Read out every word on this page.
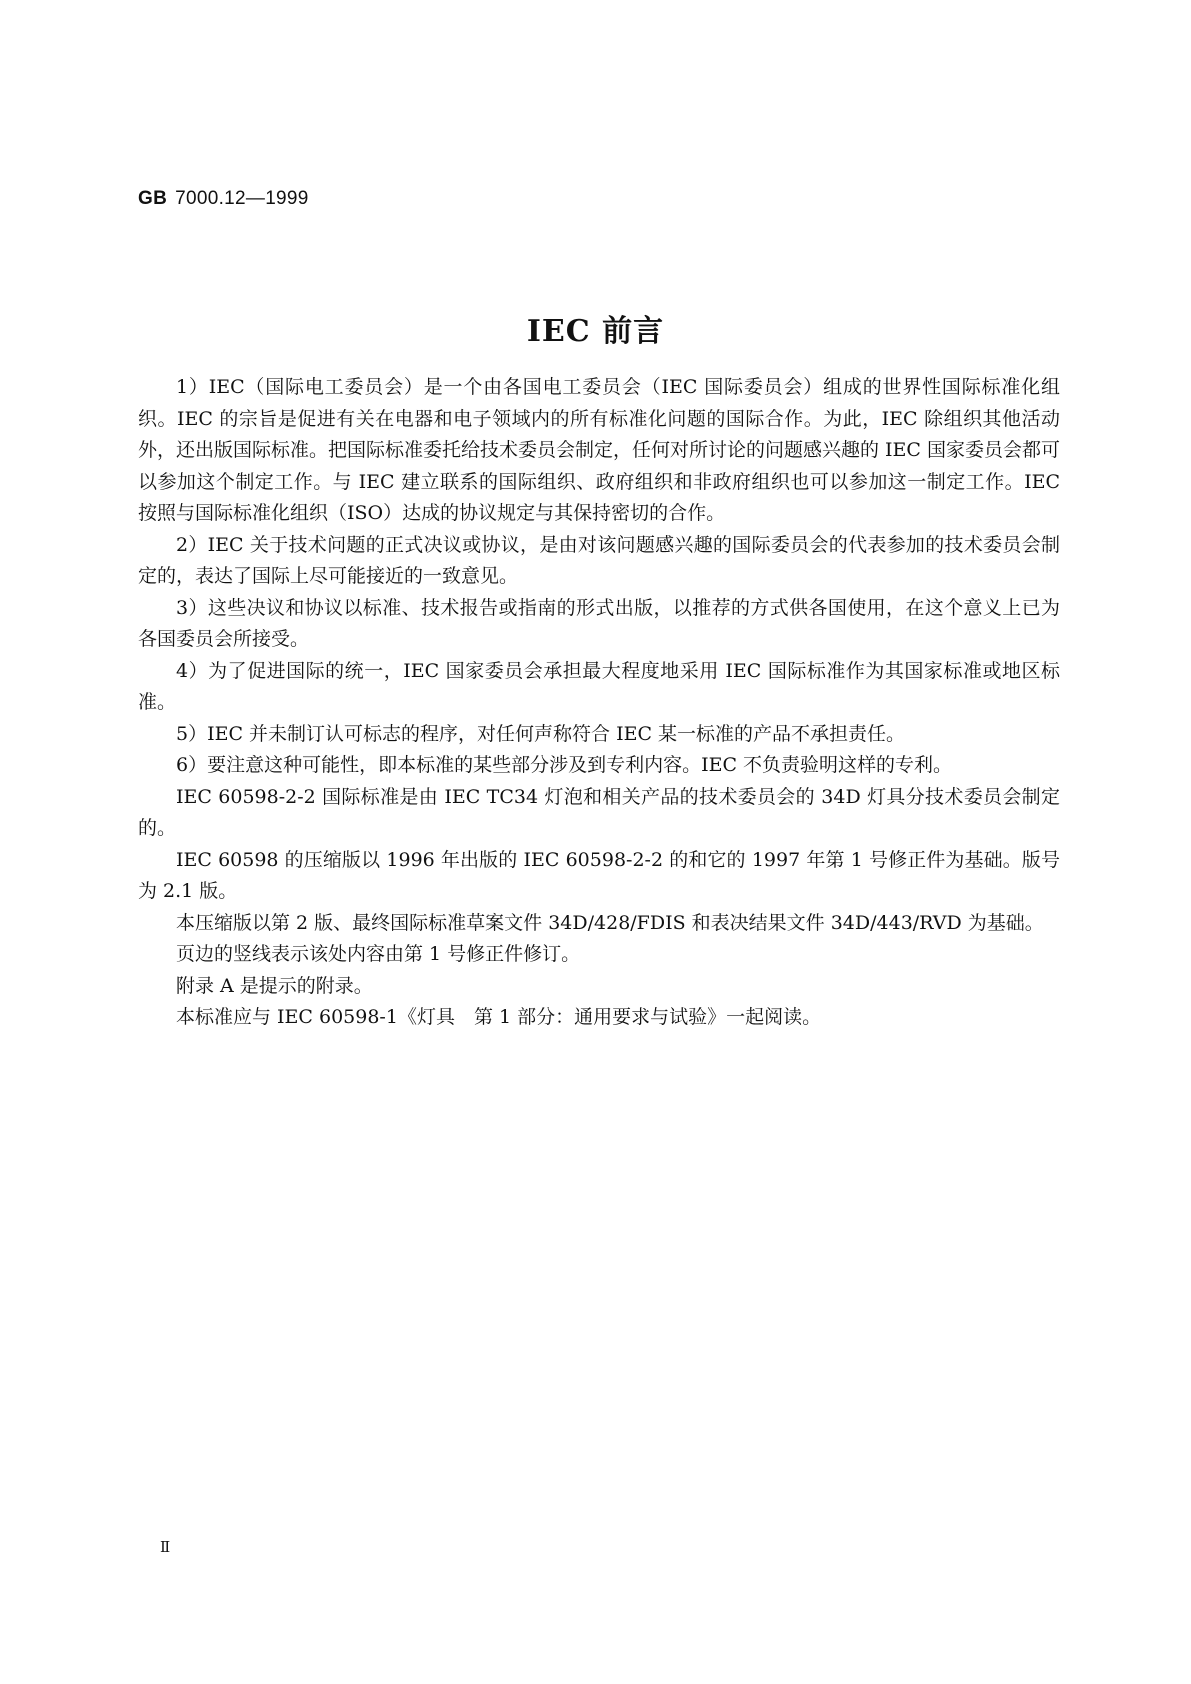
GB 7000.12—1999
IEC 前言

1）IEC（国际电工委员会）是一个由各国电工委员会（IEC 国际委员会）组成的世界性国际标准化组织。IEC 的宗旨是促进有关在电器和电子领域内的所有标准化问题的国际合作。为此，IEC 除组织其他活动外，还出版国际标准。把国际标准委托给技术委员会制定，任何对所讨论的问题感兴趣的 IEC 国家委员会都可以参加这个制定工作。与 IEC 建立联系的国际组织、政府组织和非政府组织也可以参加这一制定工作。IEC 按照与国际标准化组织（ISO）达成的协议规定与其保持密切的合作。

2）IEC 关于技术问题的正式决议或协议，是由对该问题感兴趣的国际委员会的代表参加的技术委员会制定的，表达了国际上尽可能接近的一致意见。

3）这些决议和协议以标准、技术报告或指南的形式出版，以推荐的方式供各国使用，在这个意义上已为各国委员会所接受。

4）为了促进国际的统一，IEC 国家委员会承担最大程度地采用 IEC 国际标准作为其国家标准或地区标准。

5）IEC 并未制订认可标志的程序，对任何声称符合 IEC 某一标准的产品不承担责任。

6）要注意这种可能性，即本标准的某些部分涉及到专利内容。IEC 不负责验明这样的专利。

IEC 60598-2-2 国际标准是由 IEC TC34 灯泡和相关产品的技术委员会的 34D 灯具分技术委员会制定的。

IEC 60598 的压缩版以 1996 年出版的 IEC 60598-2-2 的和它的 1997 年第 1 号修正件为基础。版号为 2.1 版。

本压缩版以第 2 版、最终国际标准草案文件 34D/428/FDIS 和表决结果文件 34D/443/RVD 为基础。

页边的竖线表示该处内容由第 1 号修正件修订。

附录 A 是提示的附录。

本标准应与 IEC 60598-1《灯具　第 1 部分：通用要求与试验》一起阅读。

Ⅱ
